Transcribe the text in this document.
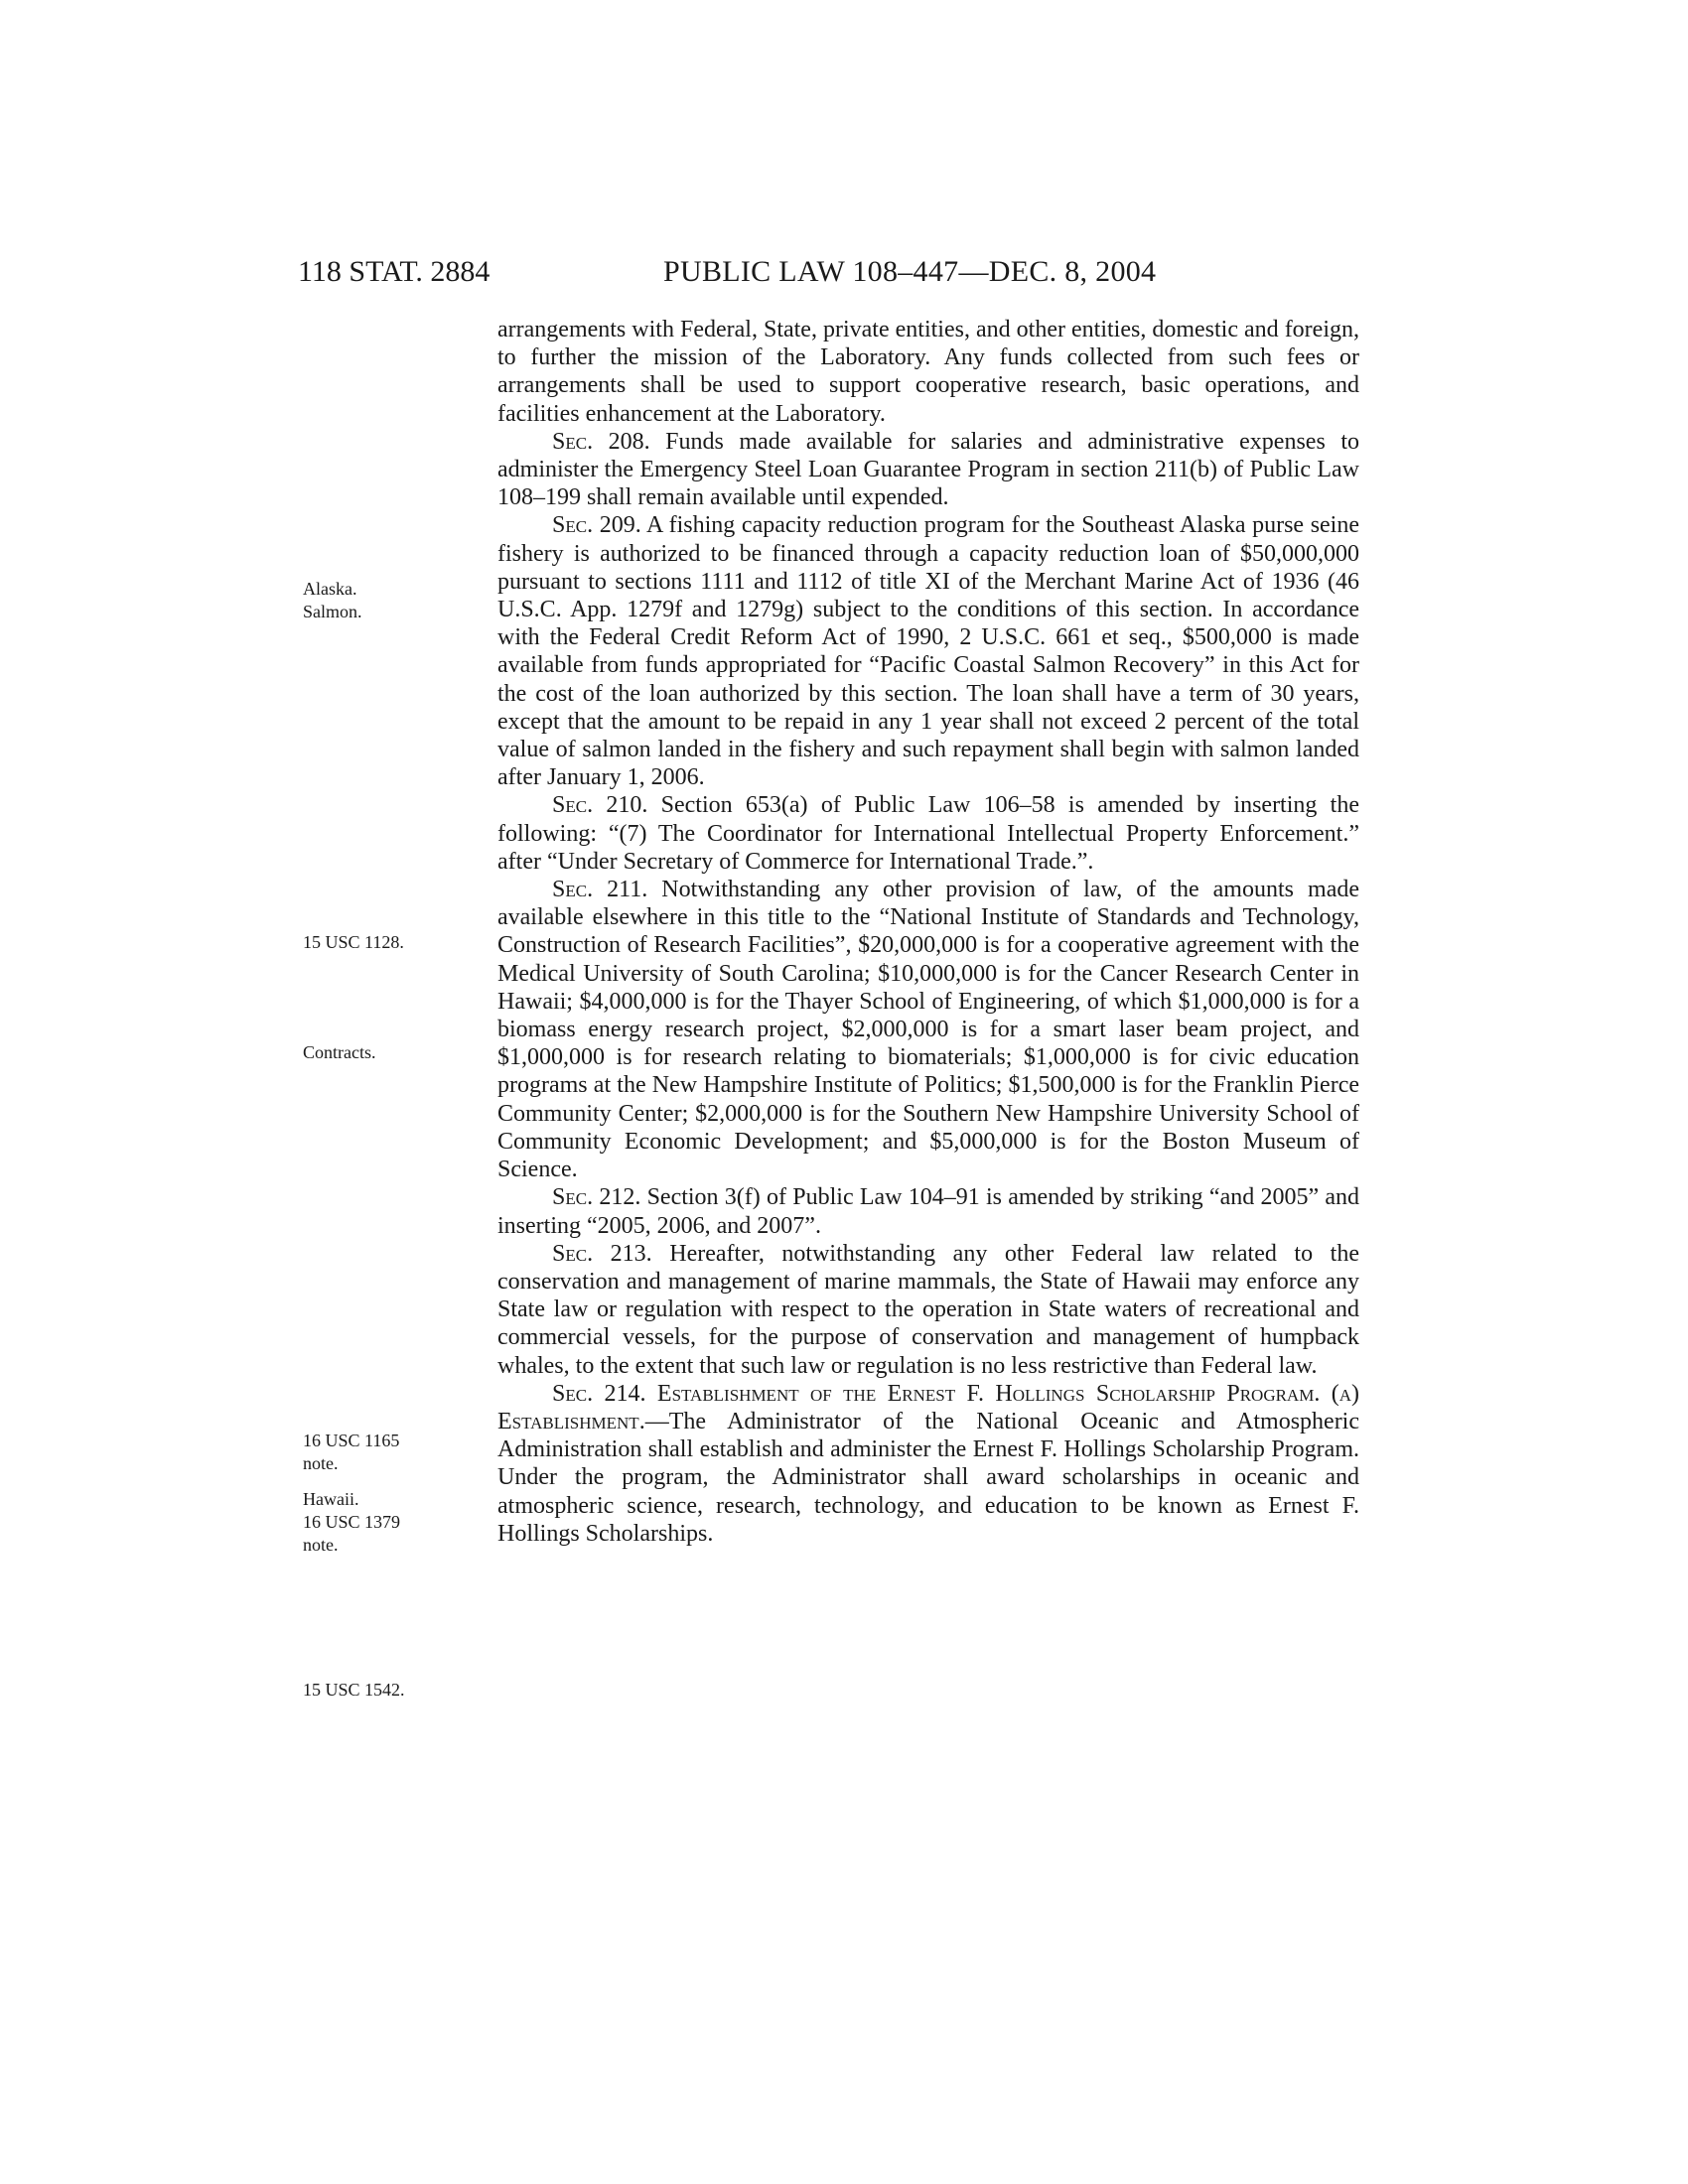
118 STAT. 2884	PUBLIC LAW 108–447—DEC. 8, 2004
Alaska.
Salmon.
15 USC 1128.
Contracts.
16 USC 1165
note.
Hawaii.
16 USC 1379
note.
15 USC 1542.

arrangements with Federal, State, private entities, and other entities, domestic and foreign, to further the mission of the Laboratory. Any funds collected from such fees or arrangements shall be used to support cooperative research, basic operations, and facilities enhancement at the Laboratory.

Sec. 208. Funds made available for salaries and administrative expenses to administer the Emergency Steel Loan Guarantee Program in section 211(b) of Public Law 108–199 shall remain available until expended.

Sec. 209. A fishing capacity reduction program for the Southeast Alaska purse seine fishery is authorized to be financed through a capacity reduction loan of $50,000,000 pursuant to sections 1111 and 1112 of title XI of the Merchant Marine Act of 1936 (46 U.S.C. App. 1279f and 1279g) subject to the conditions of this section. In accordance with the Federal Credit Reform Act of 1990, 2 U.S.C. 661 et seq., $500,000 is made available from funds appropriated for “Pacific Coastal Salmon Recovery” in this Act for the cost of the loan authorized by this section. The loan shall have a term of 30 years, except that the amount to be repaid in any 1 year shall not exceed 2 percent of the total value of salmon landed in the fishery and such repayment shall begin with salmon landed after January 1, 2006.

Sec. 210. Section 653(a) of Public Law 106–58 is amended by inserting the following: “(7) The Coordinator for International Intellectual Property Enforcement.” after “Under Secretary of Commerce for International Trade.”.

Sec. 211. Notwithstanding any other provision of law, of the amounts made available elsewhere in this title to the “National Institute of Standards and Technology, Construction of Research Facilities”, $20,000,000 is for a cooperative agreement with the Medical University of South Carolina; $10,000,000 is for the Cancer Research Center in Hawaii; $4,000,000 is for the Thayer School of Engineering, of which $1,000,000 is for a biomass energy research project, $2,000,000 is for a smart laser beam project, and $1,000,000 is for research relating to biomaterials; $1,000,000 is for civic education programs at the New Hampshire Institute of Politics; $1,500,000 is for the Franklin Pierce Community Center; $2,000,000 is for the Southern New Hampshire University School of Community Economic Development; and $5,000,000 is for the Boston Museum of Science.

Sec. 212. Section 3(f) of Public Law 104–91 is amended by striking “and 2005” and inserting “2005, 2006, and 2007”.

Sec. 213. Hereafter, notwithstanding any other Federal law related to the conservation and management of marine mammals, the State of Hawaii may enforce any State law or regulation with respect to the operation in State waters of recreational and commercial vessels, for the purpose of conservation and management of humpback whales, to the extent that such law or regulation is no less restrictive than Federal law.

Sec. 214. Establishment of the Ernest F. Hollings Scholarship Program. (a) Establishment.—The Administrator of the National Oceanic and Atmospheric Administration shall establish and administer the Ernest F. Hollings Scholarship Program. Under the program, the Administrator shall award scholarships in oceanic and atmospheric science, research, technology, and education to be known as Ernest F. Hollings Scholarships.
